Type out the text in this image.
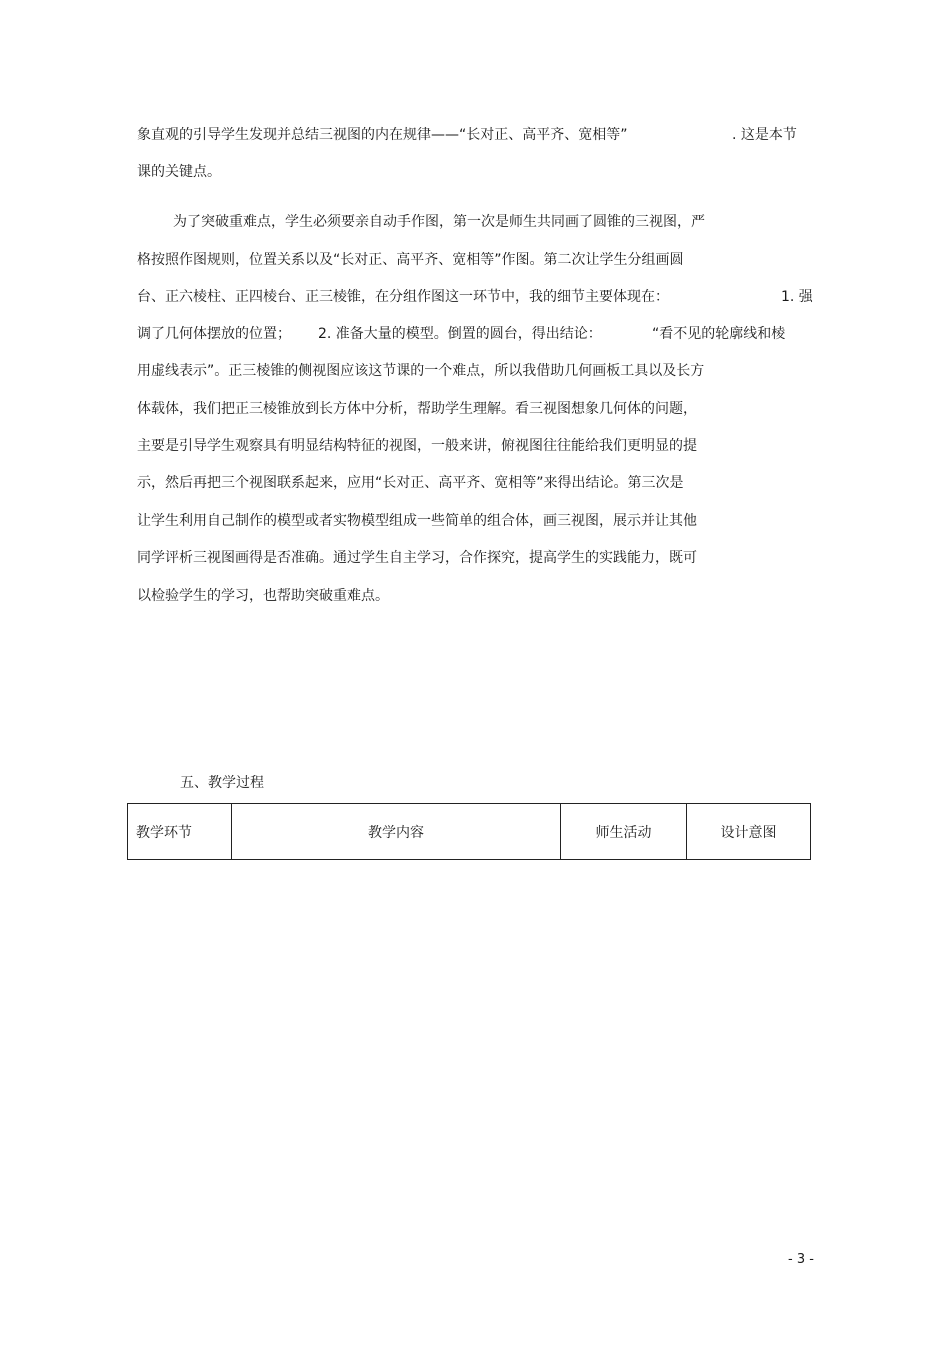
象直观的引导学生发现并总结三视图的内在规律——“长对正、高平齐、宽相等”	. 这是本节
课的关键点。
为了突破重难点，学生必须要亲自动手作图，第一次是师生共同画了圆锥的三视图，严
格按照作图规则，位置关系以及“长对正、高平齐、宽相等”作图。第二次让学生分组画圆
台、正六棱柱、正四棱台、正三棱锥，在分组作图这一环节中，我的细节主要体现在：	1. 强
调了几何体摆放的位置； 2. 准备大量的模型。倒置的圆台，得出结论：	“看不见的轮廓线和棱
用虚线表示”。正三棱锥的侧视图应该这节课的一个难点，所以我借助几何画板工具以及长方
体载体，我们把正三棱锥放到长方体中分析，帮助学生理解。看三视图想象几何体的问题，
主要是引导学生观察具有明显结构特征的视图，一般来讲，俯视图往往能给我们更明显的提
示，然后再把三个视图联系起来，应用“长对正、高平齐、宽相等”来得出结论。第三次是
让学生利用自己制作的模型或者实物模型组成一些简单的组合体，画三视图，展示并让其他
同学评析三视图画得是否准确。通过学生自主学习，合作探究，提高学生的实践能力，既可
以检验学生的学习，也帮助突破重难点。
五、教学过程
教学环节	教学内容	师生活动	设计意图
- 3 -
